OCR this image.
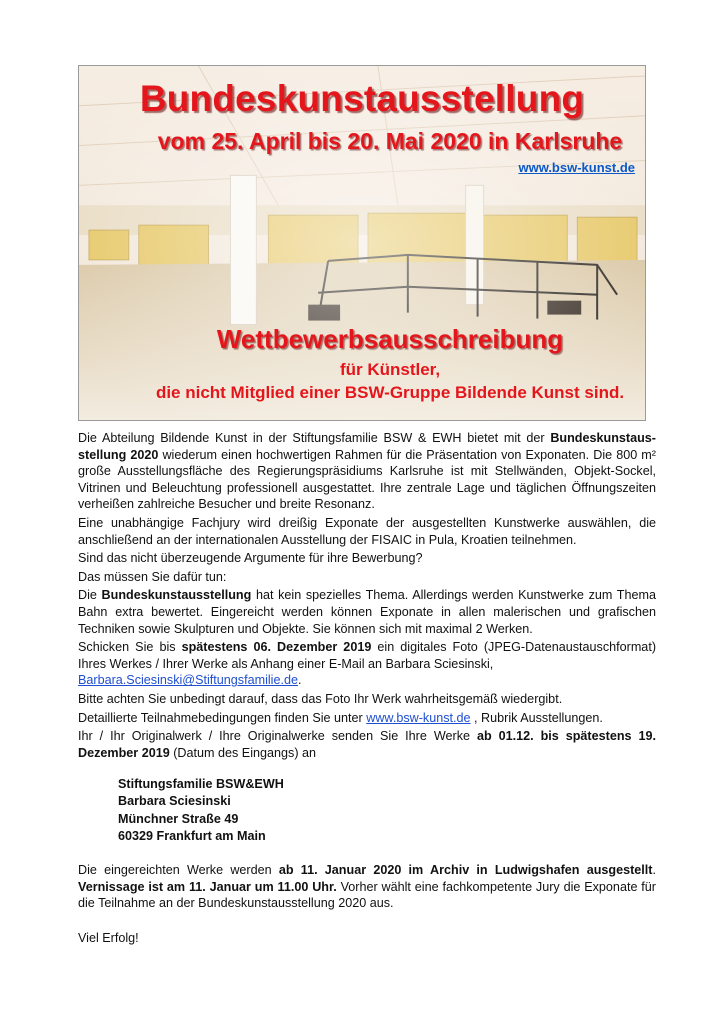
Bundeskunstausstellung
vom 25. April bis 20. Mai 2020 in Karlsruhe
www.bsw-kunst.de
Wettbewerbsausschreibung
für Künstler,
die nicht Mitglied einer BSW-Gruppe Bildende Kunst sind.

Die Abteilung Bildende Kunst in der Stiftungsfamilie BSW & EWH bietet mit der Bundeskunstausstellung 2020 wiederum einen hochwertigen Rahmen für die Präsentation von Exponaten. Die 800 m² große Ausstellungsfläche des Regierungspräsidiums Karlsruhe ist mit Stellwänden, Objekt-Sockel, Vitrinen und Beleuchtung professionell ausgestattet. Ihre zentrale Lage und täglichen Öffnungszeiten verheißen zahlreiche Besucher und breite Resonanz.

Eine unabhängige Fachjury wird dreißig Exponate der ausgestellten Kunstwerke auswählen, die anschließend an der internationalen Ausstellung der FISAIC in Pula, Kroatien teilnehmen.

Sind das nicht überzeugende Argumente für ihre Bewerbung?

Das müssen Sie dafür tun:

Die Bundeskunstausstellung hat kein spezielles Thema. Allerdings werden Kunstwerke zum Thema Bahn extra bewertet. Eingereicht werden können Exponate in allen malerischen und grafischen Techniken sowie Skulpturen und Objekte. Sie können sich mit maximal 2 Werken.

Schicken Sie bis spätestens 06. Dezember 2019 ein digitales Foto (JPEG-Datenaustauschformat) Ihres Werkes / Ihrer Werke als Anhang einer E-Mail an Barbara Sciesinski,
Barbara.Sciesinski@Stiftungsfamilie.de.

Bitte achten Sie unbedingt darauf, dass das Foto Ihr Werk wahrheitsgemäß wiedergibt.

Detaillierte Teilnahmebedingungen finden Sie unter www.bsw-kunst.de , Rubrik Ausstellungen.

Ihr / Ihr Originalwerk / Ihre Originalwerke senden Sie Ihre Werke ab 01.12. bis spätestens 19. Dezember 2019 (Datum des Eingangs) an

Stiftungsfamilie BSW&EWH
Barbara Sciesinski
Münchner Straße 49
60329 Frankfurt am Main
Die eingereichten Werke werden ab 11. Januar 2020 im Archiv in Ludwigshafen ausgestellt. Vernissage ist am 11. Januar um 11.00 Uhr. Vorher wählt eine fachkompetente Jury die Exponate für die Teilnahme an der Bundeskunstausstellung 2020 aus.
Viel Erfolg!
